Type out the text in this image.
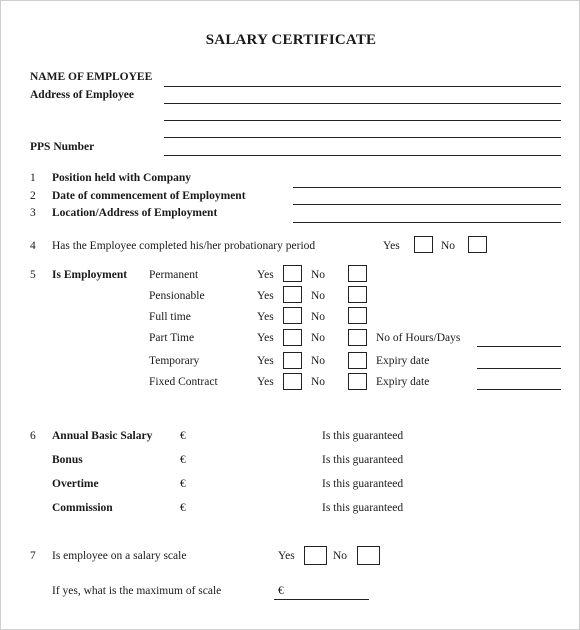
SALARY CERTIFICATE
NAME OF EMPLOYEE
Address of Employee
PPS Number
1 Position held with Company
2 Date of commencement of Employment
3 Location/Address of Employment
4 Has the Employee completed his/her probationary period	Yes	No
5 Is Employment Permanent	Yes	No
Pensionable	Yes	No
Full time	Yes	No
Part Time	Yes	No	No of Hours/Days
Temporary	Yes	No	Expiry date
Fixed Contract	Yes	No	Expiry date
6 Annual Basic Salary €	Is this guaranteed
Bonus	€	Is this guaranteed
Overtime	€	Is this guaranteed
Commission	€	Is this guaranteed
7 Is employee on a salary scale	Yes	No
If yes, what is the maximum of scale	€
